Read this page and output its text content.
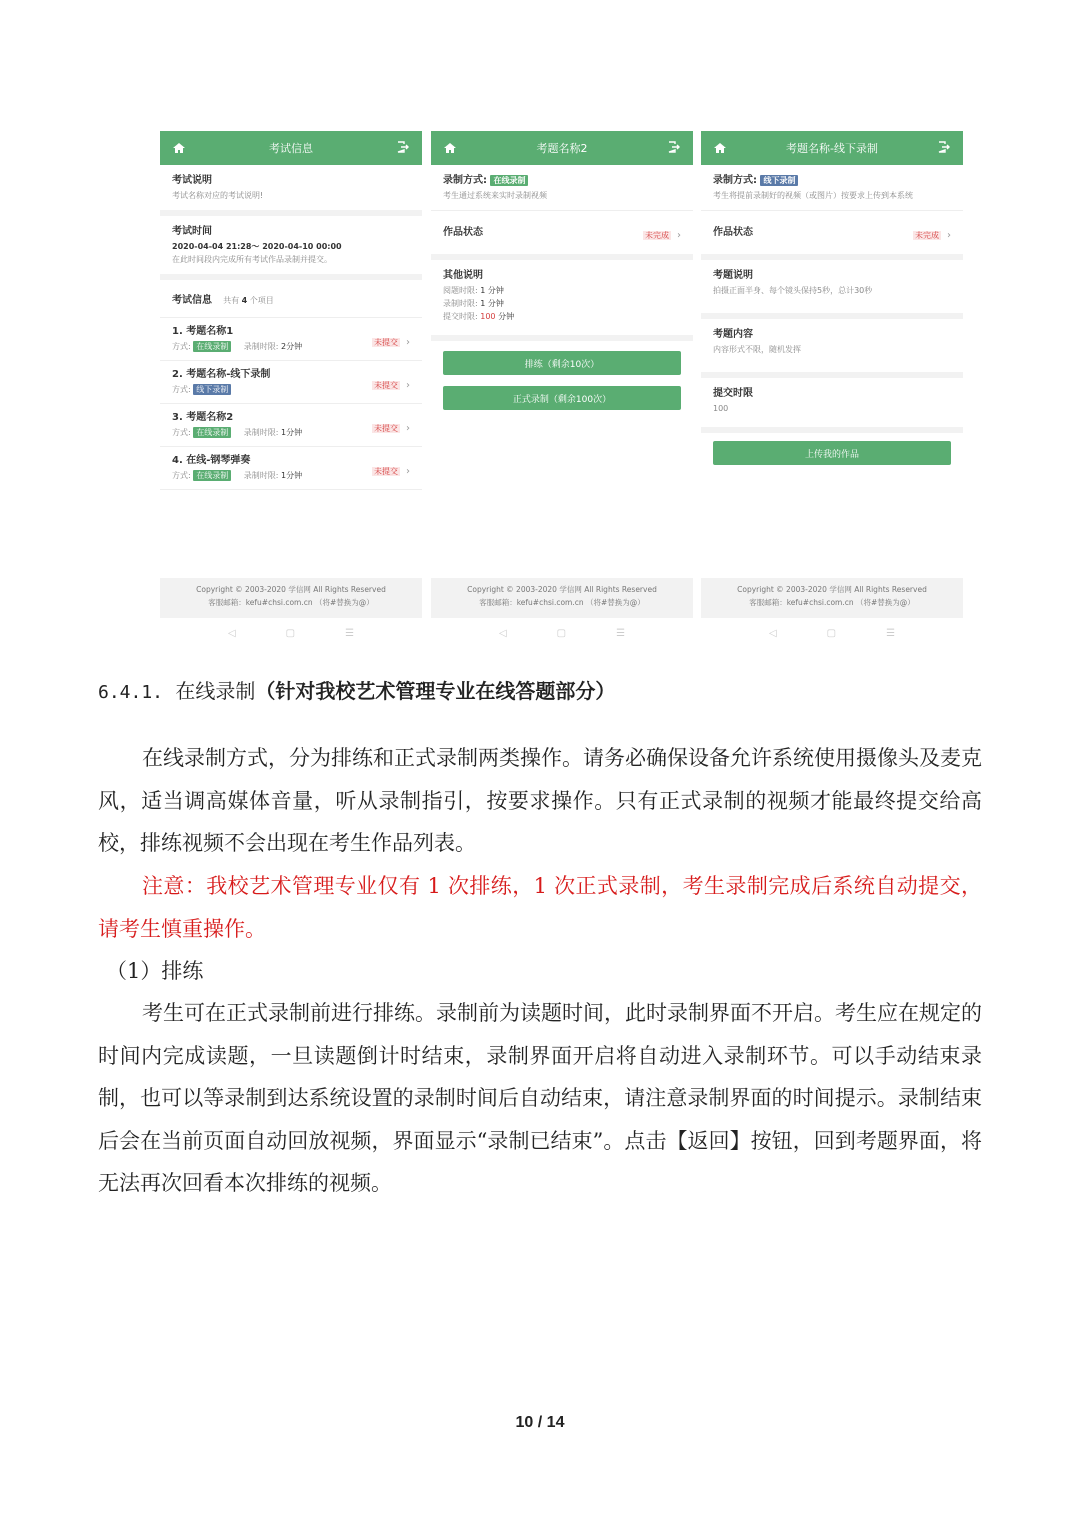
考试信息
考试说明
考试名称对应的考试说明!
考试时间
2020-04-04 21:28～ 2020-04-10 00:00
在此时间段内完成所有考试作品录制并提交。
考试信息 共有 4 个项目
1. 考题名称1
方式: 在线录制 录制时限: 2分钟	未提交 ›
2. 考题名称-线下录制
方式: 线下录制	未提交 ›
3. 考题名称2
方式: 在线录制 录制时限: 1分钟	未提交 ›
4. 在线-钢琴弹奏
方式: 在线录制 录制时限: 1分钟	未提交 ›
Copyright © 2003-2020 学信网 All Rights Reserved
客服邮箱：kefu#chsi.com.cn （将#替换为@）
◁	▢	☰
考题名称2
录制方式: 在线录制
考生通过系统来实时录制视频
作品状态	未完成 ›
其他说明
阅题时限: 1 分钟
录制时限: 1 分钟
提交时限: 100 分钟
排练（剩余10次）
正式录制（剩余100次）
Copyright © 2003-2020 学信网 All Rights Reserved
客服邮箱：kefu#chsi.com.cn （将#替换为@）
◁	▢	☰
考题名称-线下录制
录制方式: 线下录制
考生将提前录制好的视频（或图片）按要求上传到本系统
作品状态	未完成 ›
考题说明
拍摄正面半身、每个镜头保持5秒，总计30秒
考题内容
内容形式不限，随机发挥
提交时限
100
上传我的作品
Copyright © 2003-2020 学信网 All Rights Reserved
客服邮箱：kefu#chsi.com.cn （将#替换为@）
◁	▢	☰
6.4.1. 在线录制（针对我校艺术管理专业在线答题部分）
在线录制方式，分为排练和正式录制两类操作。请务必确保设备允许系统使用摄像头及麦克风，适当调高媒体音量，听从录制指引，按要求操作。只有正式录制的视频才能最终提交给高校，排练视频不会出现在考生作品列表。
注意：我校艺术管理专业仅有 1 次排练，1 次正式录制，考生录制完成后系统自动提交，请考生慎重操作。
（1）排练
考生可在正式录制前进行排练。录制前为读题时间，此时录制界面不开启。考生应在规定的时间内完成读题，一旦读题倒计时结束，录制界面开启将自动进入录制环节。可以手动结束录制，也可以等录制到达系统设置的录制时间后自动结束，请注意录制界面的时间提示。录制结束后会在当前页面自动回放视频，界面显示“录制已结束”。点击【返回】按钮，回到考题界面，将无法再次回看本次排练的视频。
10 / 14
